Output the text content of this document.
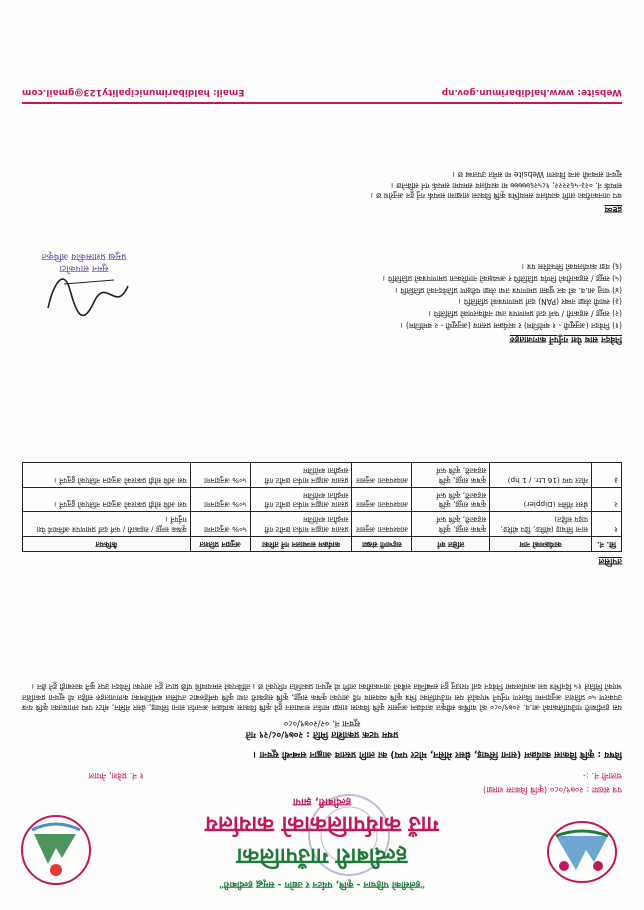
"हलेसीको पहिचान - कृषि, पर्यटन र उद्योग - समृद्ध हल्दीबारी"
हल्दीबारी गाउँपालिका
गाउँ कार्यपालिकाको कार्यालय
हल्दीबारी, झापा
पत्र संख्या : २०७९/०८० (कृषि विकास शाखा)
चलानी नं. :-
१ नं. प्रदेश, नेपाल
विषय : कृषि विकास कार्यक्रम (साना सिंचाइ, थ्रेसर मेसिन, मोटर पम्प) का लागि प्रस्ताव आह्वान सम्बन्धी सूचना ।
प्रथम पटक प्रकाशित मिति : २०७९/०८/२९ गते
सूचना नं. ०२/२०७९/०८०
यस हल्दीबारी गाउँपालिकाको आ.व. २०७९/०८० को वार्षिक स्वीकृत कार्यक्रम अनुसार कृषि विकास शाखा मार्फत सञ्चालन हुने कृषि विकास कार्यक्रम अन्तर्गत साना सिंचाइ, थ्रेसर मेसिन, मोटर पम्प लगायतका कृषि यन्त्र उपकरण ५० प्रतिशत अनुदानमा वितरण गर्नुपर्ने भएकोले यस गाउँपालिका भित्र कृषि व्यवसाय गर्दै आएका कृषक समूह, कृषि सहकारी तथा कृषि फर्महरुबाट तपसिल बमोजिमका कागजातहरु सहित यो सूचना प्रकाशित भएको मितिले १५ दिनभित्र यस कार्यालयमा निवेदन दर्ता गराउनु हुन सम्बन्धित सबैको जानकारीका लागि यो सूचना प्रकाशित गरिएको छ । तोकिएको समयावधि पछि प्राप्त हुन आएका निवेदन उपर कुनै कारबाही हुने छैन ।
तपसिल
सि. नं.	कार्यक्रमको नाम	लक्षित वर्ग	सहभागी संख्या	कार्यक्रम सञ्चालन गर्ने तरिका	अनुदान प्रतिशत	कैफियत
१	साना सिंचाइ (बोरिङ, डिप बोरिङ, पाइप सहित)	कृषक समूह, कृषि सहकारी, कृषि फर्म	आवश्यकता अनुसार	प्रस्ताव आह्वान मार्फत छनौट गरी सम्झौता बमोजिम	५०% अनुदानमा	कृषक समूह / सहकारी / फर्म दर्ता प्रमाणपत्र अनिवार्य पेश गर्नुपर्ने ।
२	थ्रेसर मेसिन (Dippler)	कृषक समूह, कृषि सहकारी, कृषि फर्म	आवश्यकता अनुसार	प्रस्ताव आह्वान मार्फत छनौट गरी सम्झौता बमोजिम	५०% अनुदानमा	यस अघि सोही प्रकारको अनुदान नलिएको हुनुपर्ने ।
३	मोटर पम्प (16 Ltr. / 1 hp)	कृषक समूह, कृषि सहकारी, कृषि फर्म	आवश्यकता अनुसार	प्रस्ताव आह्वान मार्फत छनौट गरी सम्झौता बमोजिम	५०% अनुदानमा	यस अघि सोही प्रकारको अनुदान नलिएको हुनुपर्ने ।
निवेदन साथ पेश गर्नुपर्ने कागजातहरु
(१) निवेदन (अनुसूची - १ बमोजिम) र कार्यक्रम प्रस्ताव (अनुसूची - २ बमोजिम) ।
(२) समूह / सहकारी / फर्म दर्ता प्रमाणपत्र तथा नवीकरणको प्रतिलिपि ।
(३) स्थायी लेखा नम्बर (PAN) दर्ता प्रमाणपत्रको प्रतिलिपि ।
(४) चालु आ.व. को कर चुक्ता प्रमाणपत्र तथा लेखा परीक्षण प्रतिवेदनको प्रतिलिपि ।
(५) समूह / सहकारीको निर्णय प्रतिलिपि र अध्यक्षको नागरिकता प्रमाणपत्रको प्रतिलिपि ।
(६) वडा कार्यालयको सिफारिस पत्र ।
सुमन सापकोटा
प्रमुख प्रशासकीय अधिकृत
द्रष्टव्य
थप जानकारीका लागि कार्यालय समयभित्र कृषि विकास शाखामा सम्पर्क गर्नु हुन अनुरोध छ ।
सम्पर्क नं. ०२३-५६२२२२, ९८५२६७७७७७ मा कार्यालय समयमा सम्पर्क गर्न सकिनेछ ।
सूचना सम्बन्धी अन्य विवरण Website मा समेत उपलब्ध छ ।
Website: www.haldibarimun.gov.np
Email: haldibarimunicipality123@gmail.com
